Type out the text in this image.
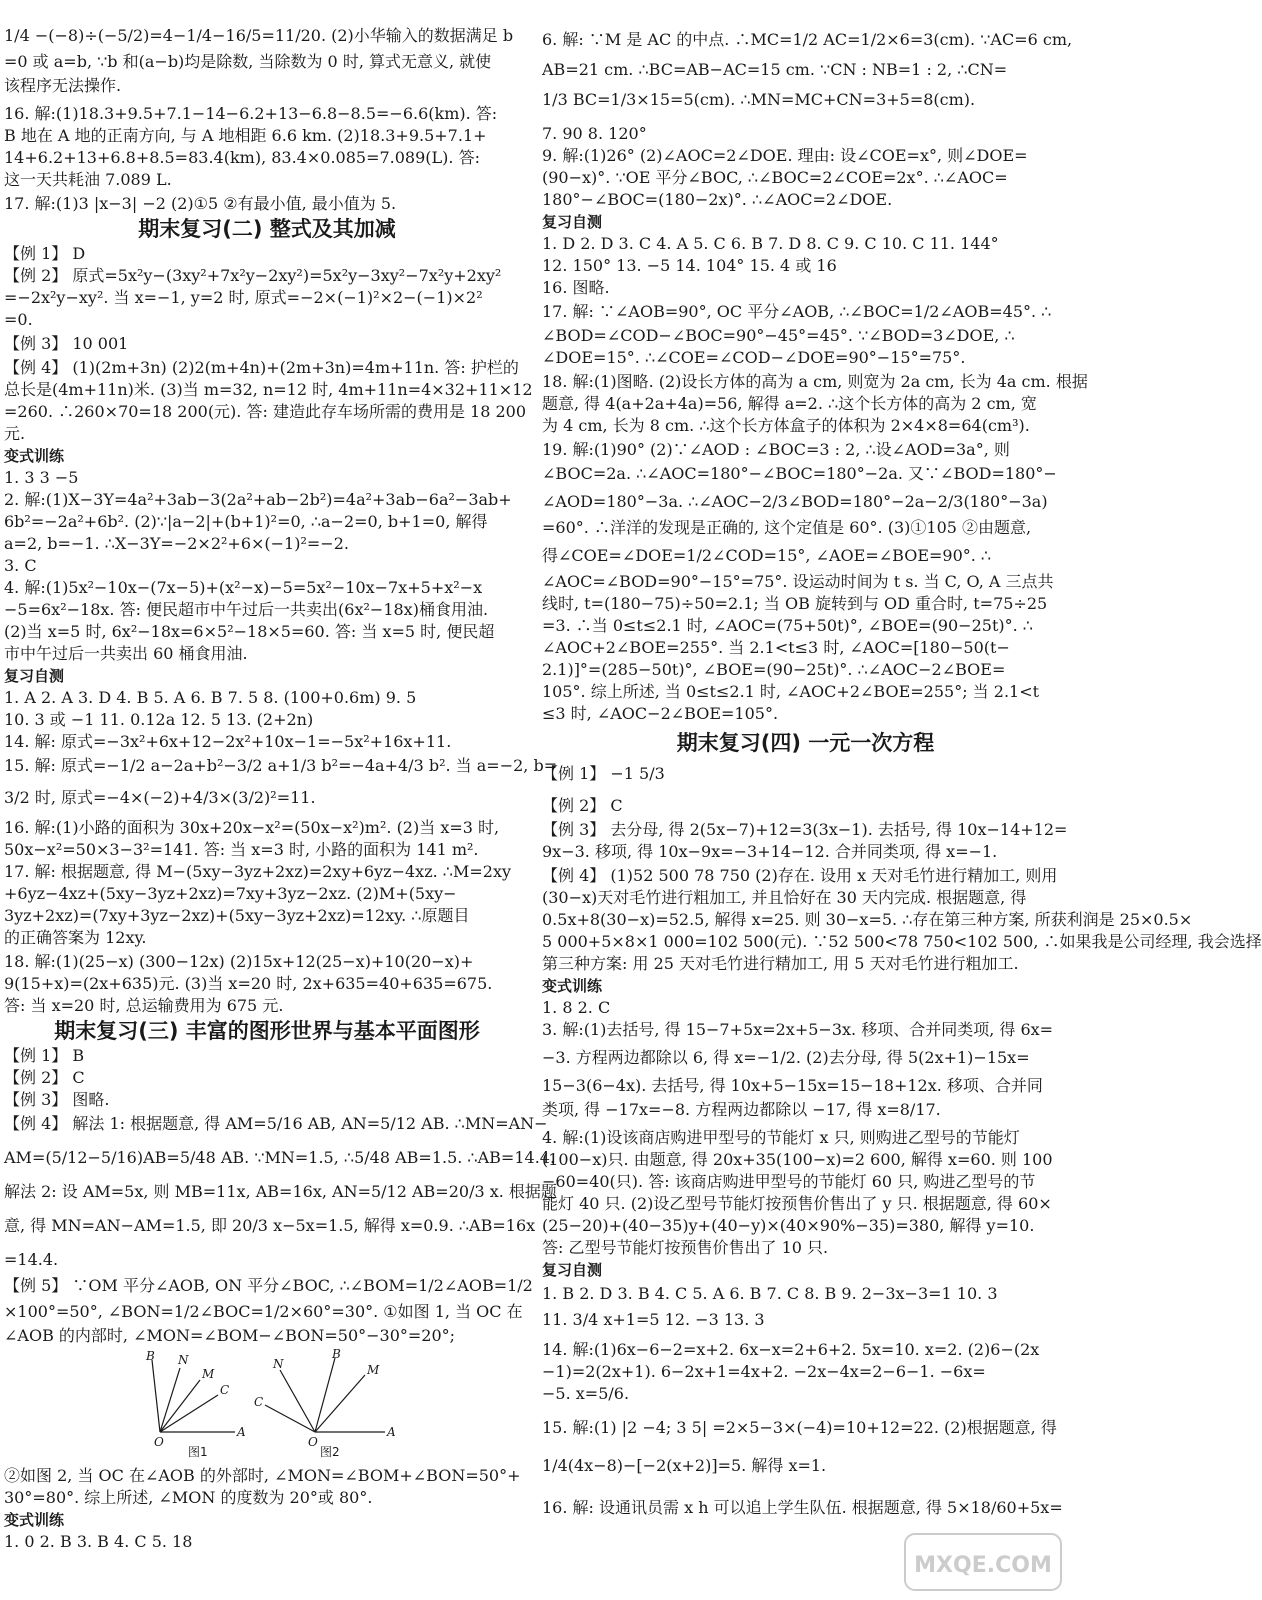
1/4 −(−8)÷(−5/2)=4−1/4−16/5=11/20. (2)小华输入的数据满足 b
=0 或 a=b, ∵b 和(a−b)均是除数, 当除数为 0 时, 算式无意义, 就使
该程序无法操作.
16. 解:(1)18.3+9.5+7.1−14−6.2+13−6.8−8.5=−6.6(km). 答:
B 地在 A 地的正南方向, 与 A 地相距 6.6 km. (2)18.3+9.5+7.1+
14+6.2+13+6.8+8.5=83.4(km), 83.4×0.085=7.089(L). 答:
这一天共耗油 7.089 L.
17. 解:(1)3 |x−3| −2 (2)①5 ②有最小值, 最小值为 5.
期末复习(二) 整式及其加减
【例 1】 D
【例 2】 原式=5x²y−(3xy²+7x²y−2xy²)=5x²y−3xy²−7x²y+2xy²
=−2x²y−xy². 当 x=−1, y=2 时, 原式=−2×(−1)²×2−(−1)×2²
=0.
【例 3】 10 001
【例 4】 (1)(2m+3n) (2)2(m+4n)+(2m+3n)=4m+11n. 答: 护栏的
总长是(4m+11n)米. (3)当 m=32, n=12 时, 4m+11n=4×32+11×12
=260. ∴260×70=18 200(元). 答: 建造此存车场所需的费用是 18 200
元.
变式训练
1. 3 3 −5
2. 解:(1)X−3Y=4a²+3ab−3(2a²+ab−2b²)=4a²+3ab−6a²−3ab+
6b²=−2a²+6b². (2)∵|a−2|+(b+1)²=0, ∴a−2=0, b+1=0, 解得
a=2, b=−1. ∴X−3Y=−2×2²+6×(−1)²=−2.
3. C
4. 解:(1)5x²−10x−(7x−5)+(x²−x)−5=5x²−10x−7x+5+x²−x
−5=6x²−18x. 答: 便民超市中午过后一共卖出(6x²−18x)桶食用油.
(2)当 x=5 时, 6x²−18x=6×5²−18×5=60. 答: 当 x=5 时, 便民超
市中午过后一共卖出 60 桶食用油.
复习自测
1. A 2. A 3. D 4. B 5. A 6. B 7. 5 8. (100+0.6m) 9. 5
10. 3 或 −1 11. 0.12a 12. 5 13. (2+2n)
14. 解: 原式=−3x²+6x+12−2x²+10x−1=−5x²+16x+11.
15. 解: 原式=−1/2 a−2a+b²−3/2 a+1/3 b²=−4a+4/3 b². 当 a=−2, b=
3/2 时, 原式=−4×(−2)+4/3×(3/2)²=11.
16. 解:(1)小路的面积为 30x+20x−x²=(50x−x²)m². (2)当 x=3 时,
50x−x²=50×3−3²=141. 答: 当 x=3 时, 小路的面积为 141 m².
17. 解: 根据题意, 得 M−(5xy−3yz+2xz)=2xy+6yz−4xz. ∴M=2xy
+6yz−4xz+(5xy−3yz+2xz)=7xy+3yz−2xz. (2)M+(5xy−
3yz+2xz)=(7xy+3yz−2xz)+(5xy−3yz+2xz)=12xy. ∴原题目
的正确答案为 12xy.
18. 解:(1)(25−x) (300−12x) (2)15x+12(25−x)+10(20−x)+
9(15+x)=(2x+635)元. (3)当 x=20 时, 2x+635=40+635=675.
答: 当 x=20 时, 总运输费用为 675 元.
期末复习(三) 丰富的图形世界与基本平面图形
【例 1】 B
【例 2】 C
【例 3】 图略.
【例 4】 解法 1: 根据题意, 得 AM=5/16 AB, AN=5/12 AB. ∴MN=AN−
AM=(5/12−5/16)AB=5/48 AB. ∵MN=1.5, ∴5/48 AB=1.5. ∴AB=14.4.
解法 2: 设 AM=5x, 则 MB=11x, AB=16x, AN=5/12 AB=20/3 x. 根据题
意, 得 MN=AN−AM=1.5, 即 20/3 x−5x=1.5, 解得 x=0.9. ∴AB=16x
=14.4.
【例 5】 ∵OM 平分∠AOB, ON 平分∠BOC, ∴∠BOM=1/2∠AOB=1/2
×100°=50°, ∠BON=1/2∠BOC=1/2×60°=30°. ①如图 1, 当 OC 在
∠AOB 的内部时, ∠MON=∠BOM−∠BON=50°−30°=20°;
B N
M
C
O
A
图1
N
B
M
C
O
A
图2
②如图 2, 当 OC 在∠AOB 的外部时, ∠MON=∠BOM+∠BON=50°+
30°=80°. 综上所述, ∠MON 的度数为 20°或 80°.
变式训练
1. 0 2. B 3. B 4. C 5. 18
6. 解: ∵M 是 AC 的中点. ∴MC=1/2 AC=1/2×6=3(cm). ∵AC=6 cm,
AB=21 cm. ∴BC=AB−AC=15 cm. ∵CN : NB=1 : 2, ∴CN=
1/3 BC=1/3×15=5(cm). ∴MN=MC+CN=3+5=8(cm).
7. 90 8. 120°
9. 解:(1)26° (2)∠AOC=2∠DOE. 理由: 设∠COE=x°, 则∠DOE=
(90−x)°. ∵OE 平分∠BOC, ∴∠BOC=2∠COE=2x°. ∴∠AOC=
180°−∠BOC=(180−2x)°. ∴∠AOC=2∠DOE.
复习自测
1. D 2. D 3. C 4. A 5. C 6. B 7. D 8. C 9. C 10. C 11. 144°
12. 150° 13. −5 14. 104° 15. 4 或 16
16. 图略.
17. 解: ∵∠AOB=90°, OC 平分∠AOB, ∴∠BOC=1/2∠AOB=45°. ∴
∠BOD=∠COD−∠BOC=90°−45°=45°. ∵∠BOD=3∠DOE, ∴
∠DOE=15°. ∴∠COE=∠COD−∠DOE=90°−15°=75°.
18. 解:(1)图略. (2)设长方体的高为 a cm, 则宽为 2a cm, 长为 4a cm. 根据
题意, 得 4(a+2a+4a)=56, 解得 a=2. ∴这个长方体的高为 2 cm, 宽
为 4 cm, 长为 8 cm. ∴这个长方体盒子的体积为 2×4×8=64(cm³).
19. 解:(1)90° (2)∵∠AOD : ∠BOC=3 : 2, ∴设∠AOD=3a°, 则
∠BOC=2a. ∴∠AOC=180°−∠BOC=180°−2a. 又∵∠BOD=180°−
∠AOD=180°−3a. ∴∠AOC−2/3∠BOD=180°−2a−2/3(180°−3a)
=60°. ∴洋洋的发现是正确的, 这个定值是 60°. (3)①105 ②由题意,
得∠COE=∠DOE=1/2∠COD=15°, ∠AOE=∠BOE=90°. ∴
∠AOC=∠BOD=90°−15°=75°. 设运动时间为 t s. 当 C, O, A 三点共
线时, t=(180−75)÷50=2.1; 当 OB 旋转到与 OD 重合时, t=75÷25
=3. ∴当 0≤t≤2.1 时, ∠AOC=(75+50t)°, ∠BOE=(90−25t)°. ∴
∠AOC+2∠BOE=255°. 当 2.1<t≤3 时, ∠AOC=[180−50(t−
2.1)]°=(285−50t)°, ∠BOE=(90−25t)°. ∴∠AOC−2∠BOE=
105°. 综上所述, 当 0≤t≤2.1 时, ∠AOC+2∠BOE=255°; 当 2.1<t
≤3 时, ∠AOC−2∠BOE=105°.
期末复习(四) 一元一次方程
【例 1】 −1 5/3
【例 2】 C
【例 3】 去分母, 得 2(5x−7)+12=3(3x−1). 去括号, 得 10x−14+12=
9x−3. 移项, 得 10x−9x=−3+14−12. 合并同类项, 得 x=−1.
【例 4】 (1)52 500 78 750 (2)存在. 设用 x 天对毛竹进行精加工, 则用
(30−x)天对毛竹进行粗加工, 并且恰好在 30 天内完成. 根据题意, 得
0.5x+8(30−x)=52.5, 解得 x=25. 则 30−x=5. ∴存在第三种方案, 所获利润是 25×0.5×
5 000+5×8×1 000=102 500(元). ∵52 500<78 750<102 500, ∴如果我是公司经理, 我会选择
第三种方案: 用 25 天对毛竹进行精加工, 用 5 天对毛竹进行粗加工.
变式训练
1. 8 2. C
3. 解:(1)去括号, 得 15−7+5x=2x+5−3x. 移项、合并同类项, 得 6x=
−3. 方程两边都除以 6, 得 x=−1/2. (2)去分母, 得 5(2x+1)−15x=
15−3(6−4x). 去括号, 得 10x+5−15x=15−18+12x. 移项、合并同
类项, 得 −17x=−8. 方程两边都除以 −17, 得 x=8/17.
4. 解:(1)设该商店购进甲型号的节能灯 x 只, 则购进乙型号的节能灯
(100−x)只. 由题意, 得 20x+35(100−x)=2 600, 解得 x=60. 则 100
−60=40(只). 答: 该商店购进甲型号的节能灯 60 只, 购进乙型号的节
能灯 40 只. (2)设乙型号节能灯按预售价售出了 y 只. 根据题意, 得 60×
(25−20)+(40−35)y+(40−y)×(40×90%−35)=380, 解得 y=10.
答: 乙型号节能灯按预售价售出了 10 只.
复习自测
1. B 2. D 3. B 4. C 5. A 6. B 7. C 8. B 9. 2−3x−3=1 10. 3
11. 3/4 x+1=5 12. −3 13. 3
14. 解:(1)6x−6−2=x+2. 6x−x=2+6+2. 5x=10. x=2. (2)6−(2x
−1)=2(2x+1). 6−2x+1=4x+2. −2x−4x=2−6−1. −6x=
−5. x=5/6.
15. 解:(1) |2 −4; 3 5| =2×5−3×(−4)=10+12=22. (2)根据题意, 得
1/4(4x−8)−[−2(x+2)]=5. 解得 x=1.
16. 解: 设通讯员需 x h 可以追上学生队伍. 根据题意, 得 5×18/60+5x=
MXQE.COM
